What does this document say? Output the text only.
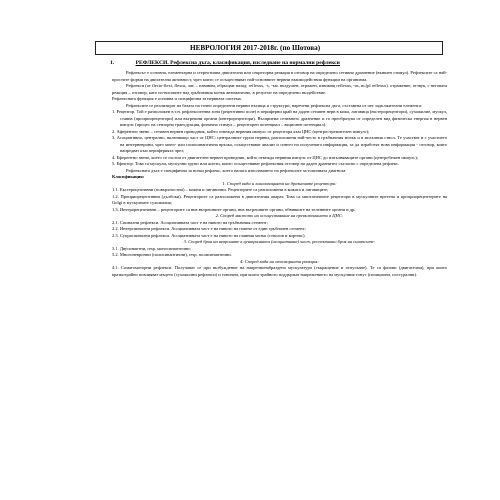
НЕВРОЛОГИЯ 2017-2018г. (по Шотова)
1.	РЕФЛЕКСИ. Рефлексна дъга, класификация, изследване на нормални рефлекси

Рефлексът е основна, елементарна и стереотипна двигателна или секреторна реакция в отговор на определено сетивно дразнение (външен стимул). Рефлексите са най-простите форми на двигателна активност, чрез които се осъществяват най-основните нервни взаимодействия функции на организма.

Рефлекси (от flecto-flexi, flexus, лат. – извивам, обръщам назад; reflexus, -s, -ъм. въздушен, отражен, извиващ reflexus, -us, m.(pl reflexus). отражение, отзвук, с неговата реакция – отговор, като по-високите над гръбначния мозък автоматично, в резултат на определено въздействие.

Рефлексната функция е основна и специфична за нервната система.

Рефлексите се реализират на базата на точно определени нервни пътища и структури, наречени рефлексна дъга, съставена от пет задължителни елемента:

1. Рецептор. Той е разположен в т.н. рефлексогенна зона (рецептивно поле) в периферни край на даден сетивен нерв в кожа, лигавица (екстерорецептори), сухожилие, мускул, ставна (проприорецептори) или вътрешни органи (интерорецептори). Възприема сетивното дразнение и го преобразува от определен вид физическа енергия в нервен импулс (процес на сензорна трансдукция, физична стимул – рецепторен потенциал – акционен потенциал).

2. Аферентно звено – сетивен нервен проводник, който отвежда нервния импулс от рецептора към ЦНС (центростремителен импулс);

3. Асоциативно, централно, включващо част от ЦНС: централните групи нервни, разположени най-често в гръбначния мозък и в мозъчния ствол. Те участват и с участието на интерневрони, чрез моно- или полисинаптична връзка, осъществяват анализ и синтез на получената информация, за да изработят нова информация - отговор, която напредват към периферията чрез;

4. Еферентно звено, което се състои от двигателен нервен проводник, който отвежда нервния импулс от ЦНС до изпълняващите органи (центробежен импулс);

5. Ефектор. Това са мускули, мускулни групи или жлези, които осъществяват рефлексния отговор на даден дразнител съгласно с определена рефлекс.

Рефлексната дъга е специфична за всеки рефлекс, което налага използването на рефлексите за топичната диагноза.

Класификация:

1. Според вида и локализацията на дразнените рецептори:

1.1. Екстероцептивни (повърхностни) – кожни и лигавични. Рецепторите са разположени в кожата и лигавиците;

1.2. Проприорецептивни (дълбоки). Рецепторите са разположени в двигателния апарат. Това са миотатичните рецептори в мускулните вретена и проприорецепторите на Golgi в мускулните сухожилия;

1.3. Интерорецептивни – рецепторите са във вътрешните органи, във вътрешните органи, обвивките на теленните органи и др.

2. Според мястото на осъществяване на превключването в ЦНС:

2.1. Спинални рефлекси. Асоциативната част е на нивото на гръбначния сегмент;

2.2. Интерспинални рефлекси. Асоциативната част е на нивото на повече от един гръбначен сегмент;

2.3. Супраспинални рефлекси. Асоциативната част е на нивото на главния мозък (стволов и кортекс).

3. Според броя на невроните в централната (асоциативна) част, респективно броя на синапсите:

3.1. Двусинаптни, resp. моносинаптични;

3.2. Многоневронни (полисинаптични), resp. полисинаптични.

4. Според вида на отговорната реакция:

4.1. Соматомоторни рефлекси. Получават се при възбуждение на напречнонабраздена мускулатура (съкращение и отпускане). Те са фазови (двигателни), при които краткотрайно повлияват мъцето (сухожилни рефлекси) и тонични, при които трайното поддържат напрежението на мускулния тонус (позициони, постурални).
